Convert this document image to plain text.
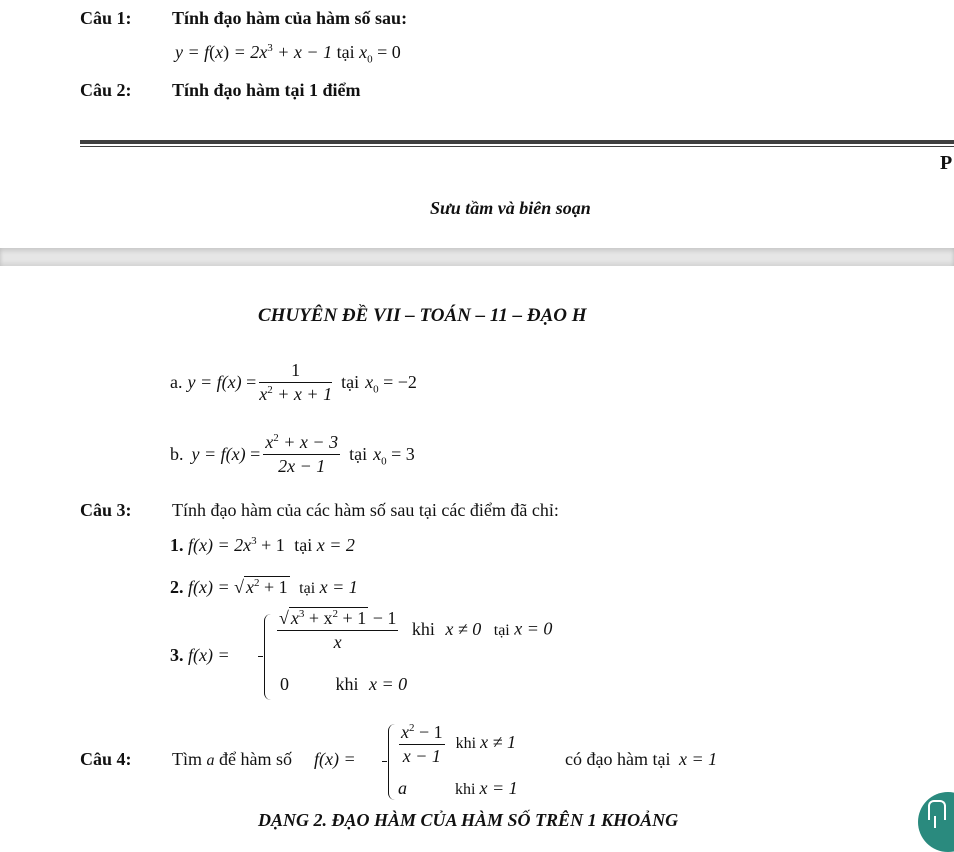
Câu 1: Tính đạo hàm của hàm số sau:
$y = f(x) = 2x^3 + x - 1$ tại $x_0 = 0$
Câu 2: Tính đạo hàm tại 1 điểm
P
Sưu tầm và biên soạn
CHUYÊN ĐỀ VII – TOÁN – 11 – ĐẠO H
a. $y = f(x) = \frac{1}{x^2 + x + 1}$ tại $x_0 = -2$
b. $y = f(x) = \frac{x^2 + x - 3}{2x - 1}$ tại $x_0 = 3$
Câu 3: Tính đạo hàm của các hàm số sau tại các điểm đã chỉ:
1. $f(x) = 2x^3 + 1$ tại x = 2
2. f(x) = √ $x^2 + 1$ tại x = 1
3. f(x) =
$\frac{√ x^3 + x^2 + 1 - 1}{x}$ khi x ≠ 0 tại x = 0
0	khi x = 0
Câu 4: Tìm a để hàm số $f(x) = \frac{x^2 - 1}{x - 1}$ khi x ≠ 1
a	khi x = 1
có đạo hàm tại x = 1
DẠNG 2. ĐẠO HÀM CỦA HÀM SỐ TRÊN 1 KHOẢNG
